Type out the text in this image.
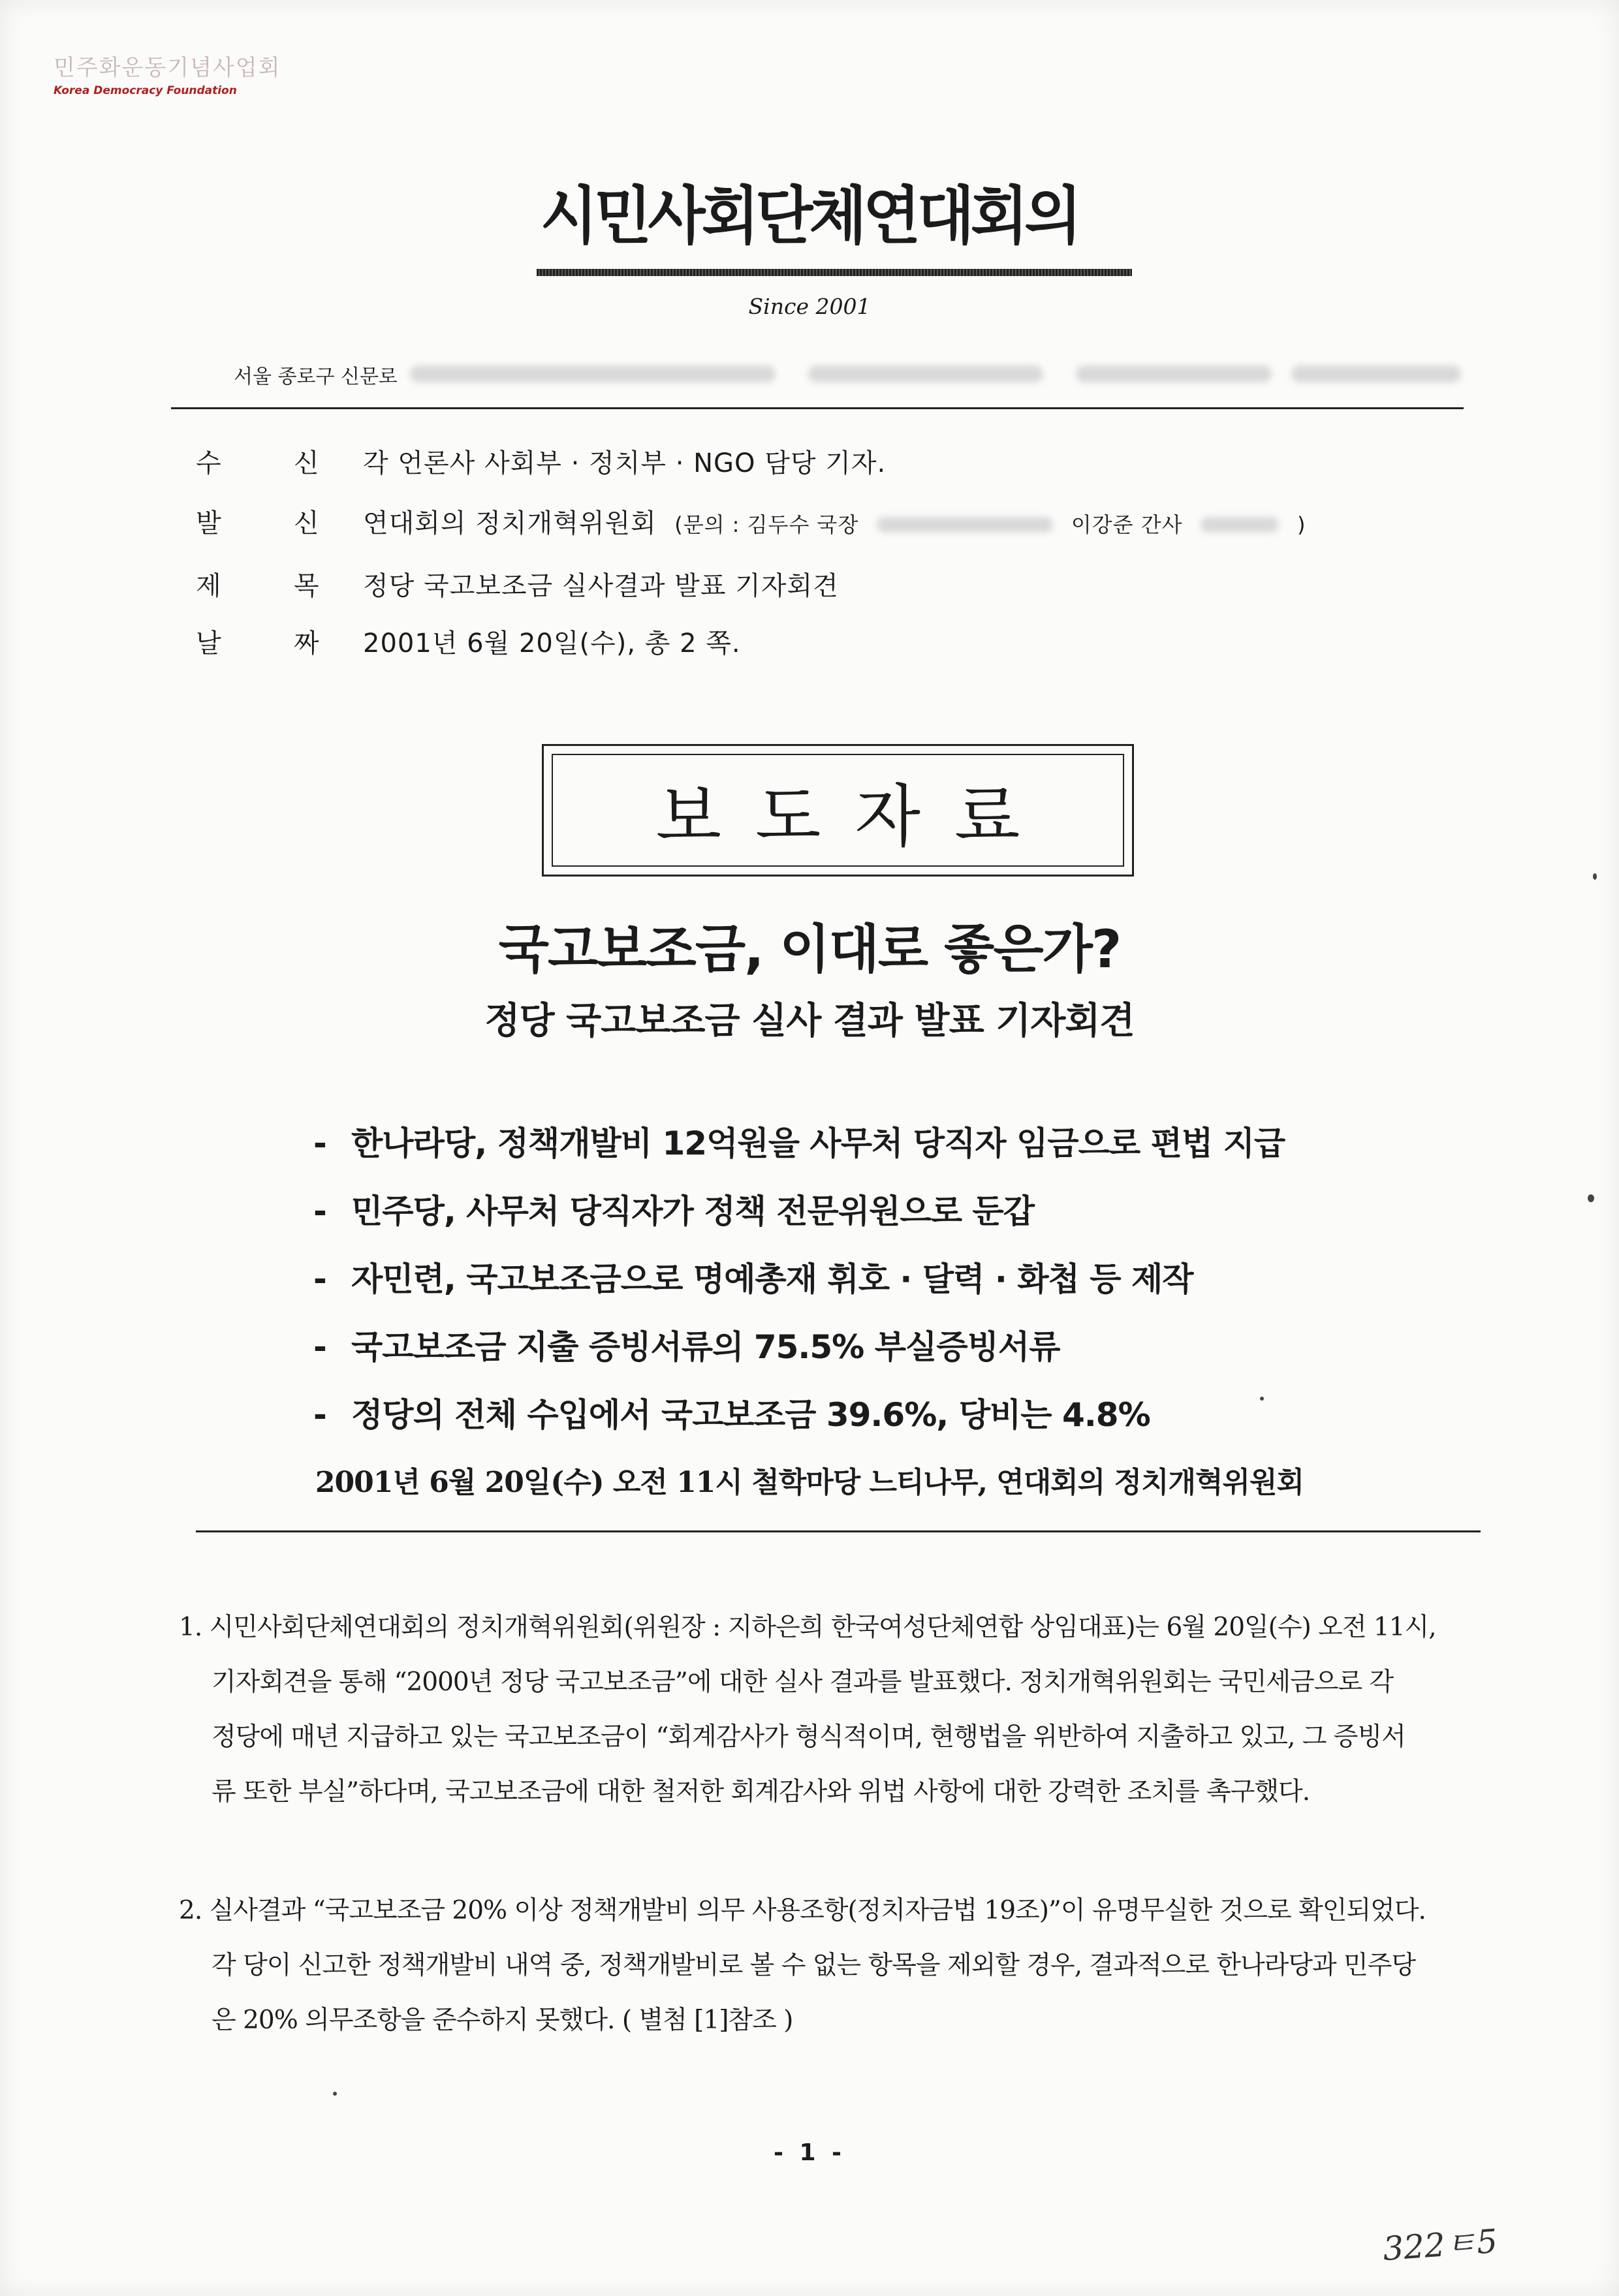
민주화운동기념사업회
Korea Democracy Foundation
시민사회단체연대회의
Since 2001
서울 종로구 신문로
수	신	각 언론사 사회부 · 정치부 · NGO 담당 기자.
발	신	연대회의 정치개혁위원회 (문의 : 김두수 국장	이강준 간사	)
제	목	정당 국고보조금 실사결과 발표 기자회견
날	짜	2001년 6월 20일(수), 총 2 쪽.
보도자료
국고보조금, 이대로 좋은가?
정당 국고보조금 실사 결과 발표 기자회견
- 한나라당, 정책개발비 12억원을 사무처 당직자 임금으로 편법 지급
- 민주당, 사무처 당직자가 정책 전문위원으로 둔갑
- 자민련, 국고보조금으로 명예총재 휘호 · 달력 · 화첩 등 제작
- 국고보조금 지출 증빙서류의 75.5% 부실증빙서류
- 정당의 전체 수입에서 국고보조금 39.6%, 당비는 4.8%
2001년 6월 20일(수) 오전 11시 철학마당 느티나무, 연대회의 정치개혁위원회
1. 시민사회단체연대회의 정치개혁위원회(위원장 : 지하은희 한국여성단체연합 상임대표)는 6월 20일(수) 오전 11시,
기자회견을 통해 “2000년 정당 국고보조금”에 대한 실사 결과를 발표했다. 정치개혁위원회는 국민세금으로 각
정당에 매년 지급하고 있는 국고보조금이 “회계감사가 형식적이며, 현행법을 위반하여 지출하고 있고, 그 증빙서
류 또한 부실”하다며, 국고보조금에 대한 철저한 회계감사와 위법 사항에 대한 강력한 조치를 촉구했다.
2. 실사결과 “국고보조금 20% 이상 정책개발비 의무 사용조항(정치자금법 19조)”이 유명무실한 것으로 확인되었다.
각 당이 신고한 정책개발비 내역 중, 정책개발비로 볼 수 없는 항목을 제외할 경우, 결과적으로 한나라당과 민주당
은 20% 의무조항을 준수하지 못했다. ( 별첨 [1]참조 )
- 1 -
322ㅌ5
